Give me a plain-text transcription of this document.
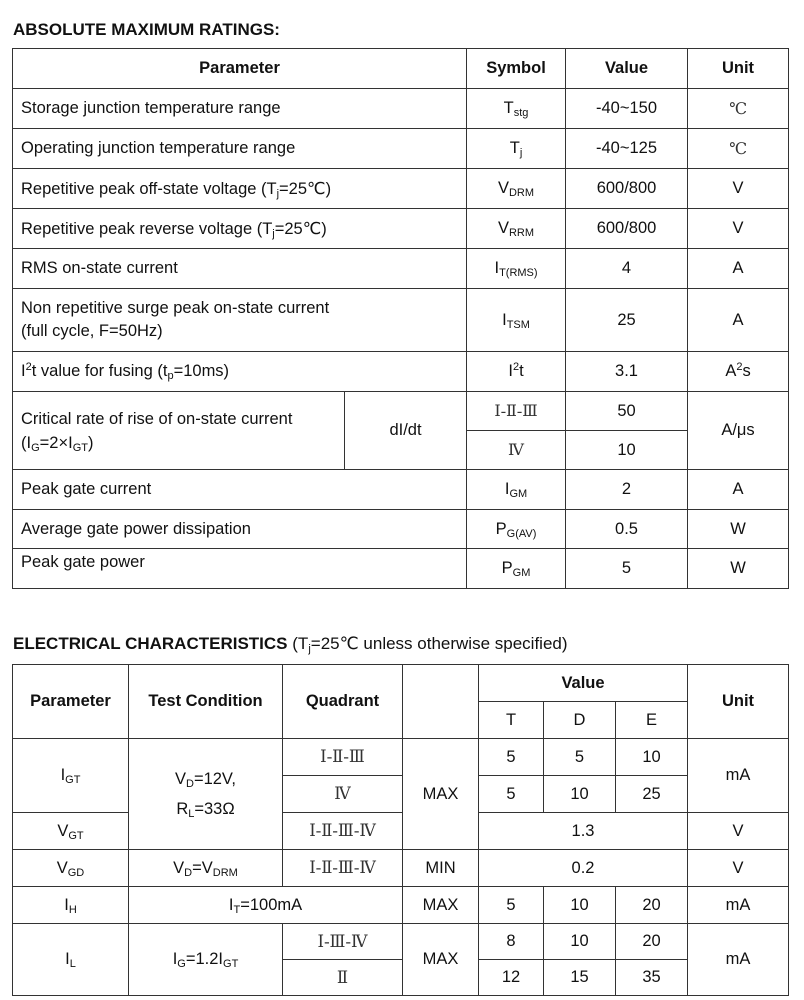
ABSOLUTE MAXIMUM RATINGS:
Parameter		Symbol	Value	Unit
Storage junction temperature range		$T_{stg}$	-40~150	℃
Operating junction temperature range		$T_j$	-40~125	℃
Repetitive peak off-state voltage $(T_j=25℃)$		$V_{DRM}$	600/800	V
Repetitive peak reverse voltage $(T_j=25℃)$		$V_{RRM}$	600/800	V
RMS on-state current		$I_{T(RMS)}$	4	A
Non repetitive surge peak on-state current
(full cycle, F=50Hz)		$I_{TSM}$	25	A
$I^2t$ value for fusing $(t_p=10ms)$		$I^2t$	3.1	$A^2s$
Critical rate of rise of on-state current
$(I_G=2\times I_{GT})$	dI/dt	Ⅰ-Ⅱ-Ⅲ	50	A/μs
		Ⅳ	10	
Peak gate current		$I_{GM}$	2	A
Average gate power dissipation		$P_{G(AV)}$	0.5	W
Peak gate power		$P_{GM}$	5	W
ELECTRICAL CHARACTERISTICS ($T_j=25℃$ unless otherwise specified)
Parameter	Test Condition	Quadrant		Value			Unit
				T	D	E	
$I_{GT}$	$V_D=12V$,
$R_L=33\Omega$	Ⅰ-Ⅱ-Ⅲ	MAX	5	5	10	mA
		Ⅳ		5	10	25	
$V_{GT}$		Ⅰ-Ⅱ-Ⅲ-Ⅳ		1.3			V
$V_{GD}$	$V_D=V_{DRM}$	Ⅰ-Ⅱ-Ⅲ-Ⅳ	MIN	0.2			V
$I_H$	$I_T=100mA$		MAX	5	10	20	mA
$I_L$	$I_G=1.2I_{GT}$	Ⅰ-Ⅲ-Ⅳ	MAX	8	10	20	mA
		Ⅱ		12	15	35	
